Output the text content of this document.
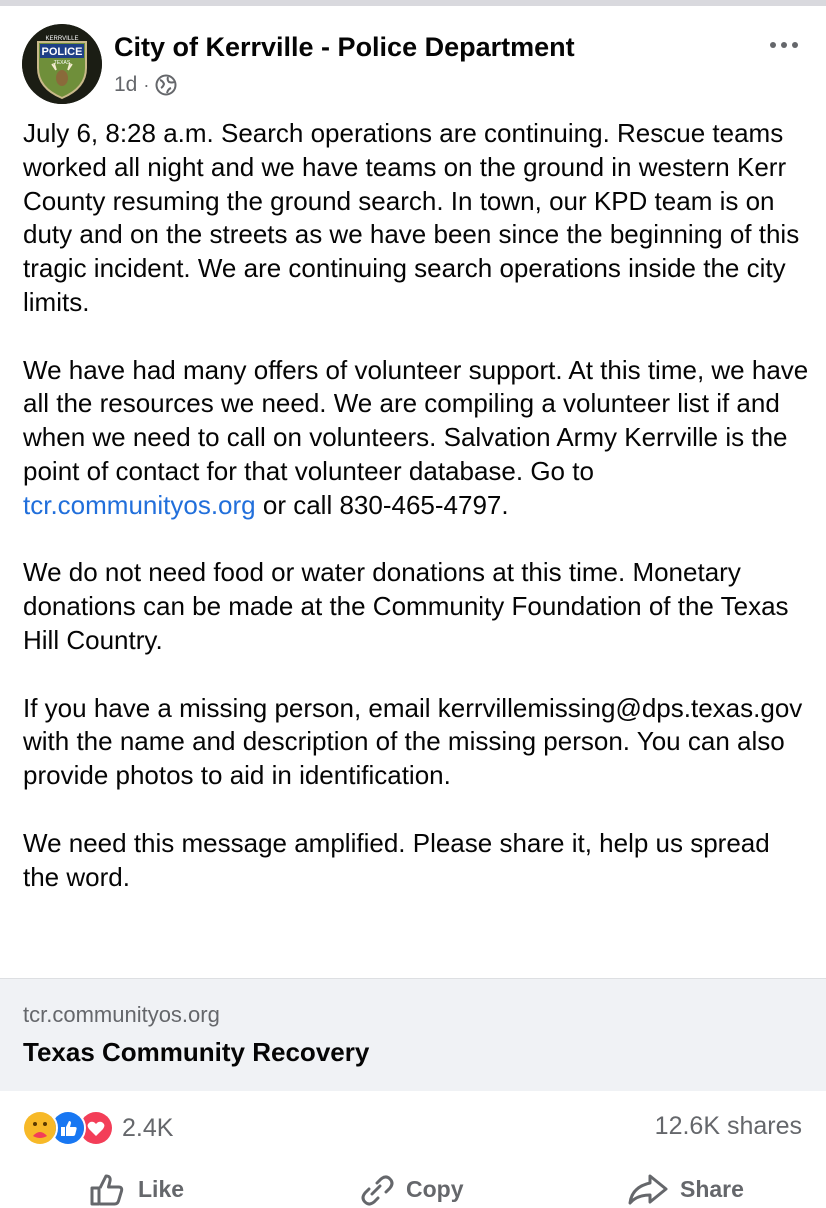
KERRVILLE
POLICE
TEXAS
City of Kerrville - Police Department
1d ·

July 6, 8:28 a.m. Search operations are continuing. Rescue teams worked all night and we have teams on the ground in western Kerr County resuming the ground search. In town, our KPD team is on duty and on the streets as we have been since the beginning of this tragic incident. We are continuing search operations inside the city limits.

We have had many offers of volunteer support. At this time, we have all the resources we need. We are compiling a volunteer list if and when we need to call on volunteers. Salvation Army Kerrville is the point of contact for that volunteer database. Go to tcr.communityos.org or call 830-465-4797.

We do not need food or water donations at this time. Monetary donations can be made at the Community Foundation of the Texas Hill Country.

If you have a missing person, email kerrvillemissing@dps.texas.gov with the name and description of the missing person. You can also provide photos to aid in identification.

We need this message amplified. Please share it, help us spread the word.

tcr.communityos.org
Texas Community Recovery
2.4K	12.6K shares
Like	Copy	Share
